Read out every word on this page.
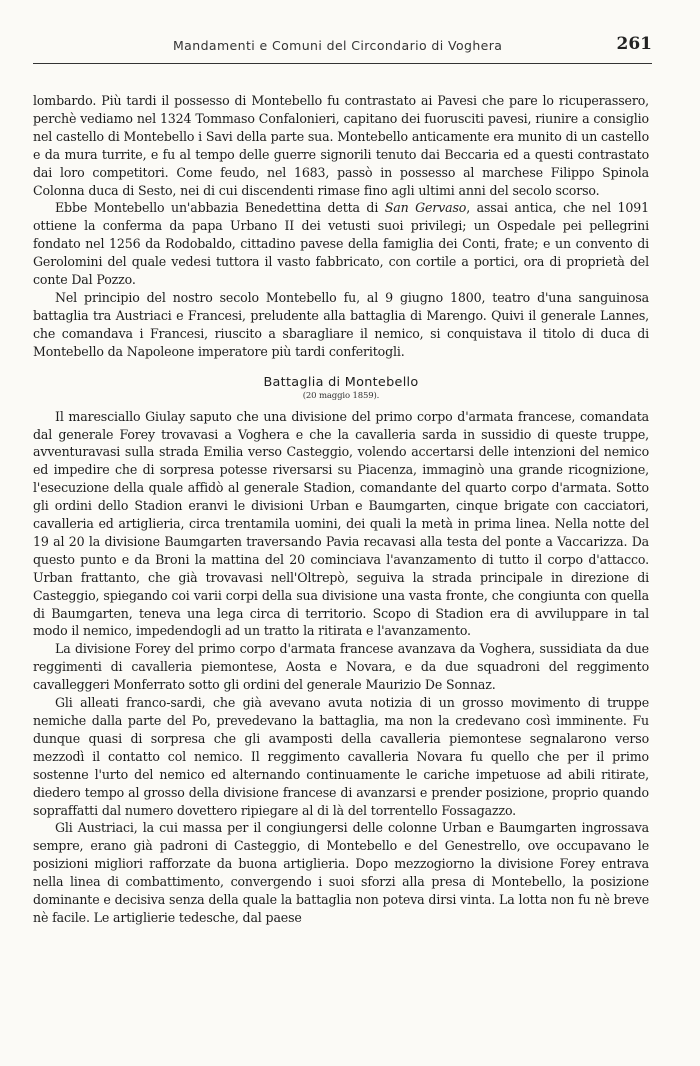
Mandamenti e Comuni del Circondario di Voghera	261

lombardo. Più tardi il possesso di Montebello fu contrastato ai Pavesi che pare lo ricuperassero, perchè vediamo nel 1324 Tommaso Confalonieri, capitano dei fuorusciti pavesi, riunire a consiglio nel castello di Montebello i Savi della parte sua. Montebello anticamente era munito di un castello e da mura turrite, e fu al tempo delle guerre signorili tenuto dai Beccaria ed a questi contrastato dai loro competitori. Come feudo, nel 1683, passò in possesso al marchese Filippo Spinola Colonna duca di Sesto, nei di cui discendenti rimase fino agli ultimi anni del secolo scorso.

Ebbe Montebello un'abbazia Benedettina detta di San Gervaso, assai antica, che nel 1091 ottiene la conferma da papa Urbano II dei vetusti suoi privilegi; un Ospedale pei pellegrini fondato nel 1256 da Rodobaldo, cittadino pavese della famiglia dei Conti, frate; e un convento di Gerolomini del quale vedesi tuttora il vasto fabbricato, con cortile a portici, ora di proprietà del conte Dal Pozzo.

Nel principio del nostro secolo Montebello fu, al 9 giugno 1800, teatro d'una sanguinosa battaglia tra Austriaci e Francesi, preludente alla battaglia di Marengo. Quivi il generale Lannes, che comandava i Francesi, riuscito a sbaragliare il nemico, si conquistava il titolo di duca di Montebello da Napoleone imperatore più tardi conferitogli.

Battaglia di Montebello
(20 maggio 1859).

Il maresciallo Giulay saputo che una divisione del primo corpo d'armata francese, comandata dal generale Forey trovavasi a Voghera e che la cavalleria sarda in sussidio di queste truppe, avventuravasi sulla strada Emilia verso Casteggio, volendo accertarsi delle intenzioni del nemico ed impedire che di sorpresa potesse riversarsi su Piacenza, immaginò una grande ricognizione, l'esecuzione della quale affidò al generale Stadion, comandante del quarto corpo d'armata. Sotto gli ordini dello Stadion eranvi le divisioni Urban e Baumgarten, cinque brigate con cacciatori, cavalleria ed artiglieria, circa trentamila uomini, dei quali la metà in prima linea. Nella notte del 19 al 20 la divisione Baumgarten traversando Pavia recavasi alla testa del ponte a Vaccarizza. Da questo punto e da Broni la mattina del 20 cominciava l'avanzamento di tutto il corpo d'attacco. Urban frattanto, che già trovavasi nell'Oltrepò, seguiva la strada principale in direzione di Casteggio, spiegando coi varii corpi della sua divisione una vasta fronte, che congiunta con quella di Baumgarten, teneva una lega circa di territorio. Scopo di Stadion era di avviluppare in tal modo il nemico, impedendogli ad un tratto la ritirata e l'avanzamento.

La divisione Forey del primo corpo d'armata francese avanzava da Voghera, sussidiata da due reggimenti di cavalleria piemontese, Aosta e Novara, e da due squadroni del reggimento cavalleggeri Monferrato sotto gli ordini del generale Maurizio De Sonnaz.

Gli alleati franco-sardi, che già avevano avuta notizia di un grosso movimento di truppe nemiche dalla parte del Po, prevedevano la battaglia, ma non la credevano così imminente. Fu dunque quasi di sorpresa che gli avamposti della cavalleria piemontese segnalarono verso mezzodì il contatto col nemico. Il reggimento cavalleria Novara fu quello che per il primo sostenne l'urto del nemico ed alternando continuamente le cariche impetuose ad abili ritirate, diedero tempo al grosso della divisione francese di avanzarsi e prender posizione, proprio quando sopraffatti dal numero dovettero ripiegare al di là del torrentello Fossagazzo.

Gli Austriaci, la cui massa per il congiungersi delle colonne Urban e Baumgarten ingrossava sempre, erano già padroni di Casteggio, di Montebello e del Genestrello, ove occupavano le posizioni migliori rafforzate da buona artiglieria. Dopo mezzogiorno la divisione Forey entrava nella linea di combattimento, convergendo i suoi sforzi alla presa di Montebello, la posizione dominante e decisiva senza della quale la battaglia non poteva dirsi vinta. La lotta non fu nè breve nè facile. Le artiglierie tedesche, dal paese
